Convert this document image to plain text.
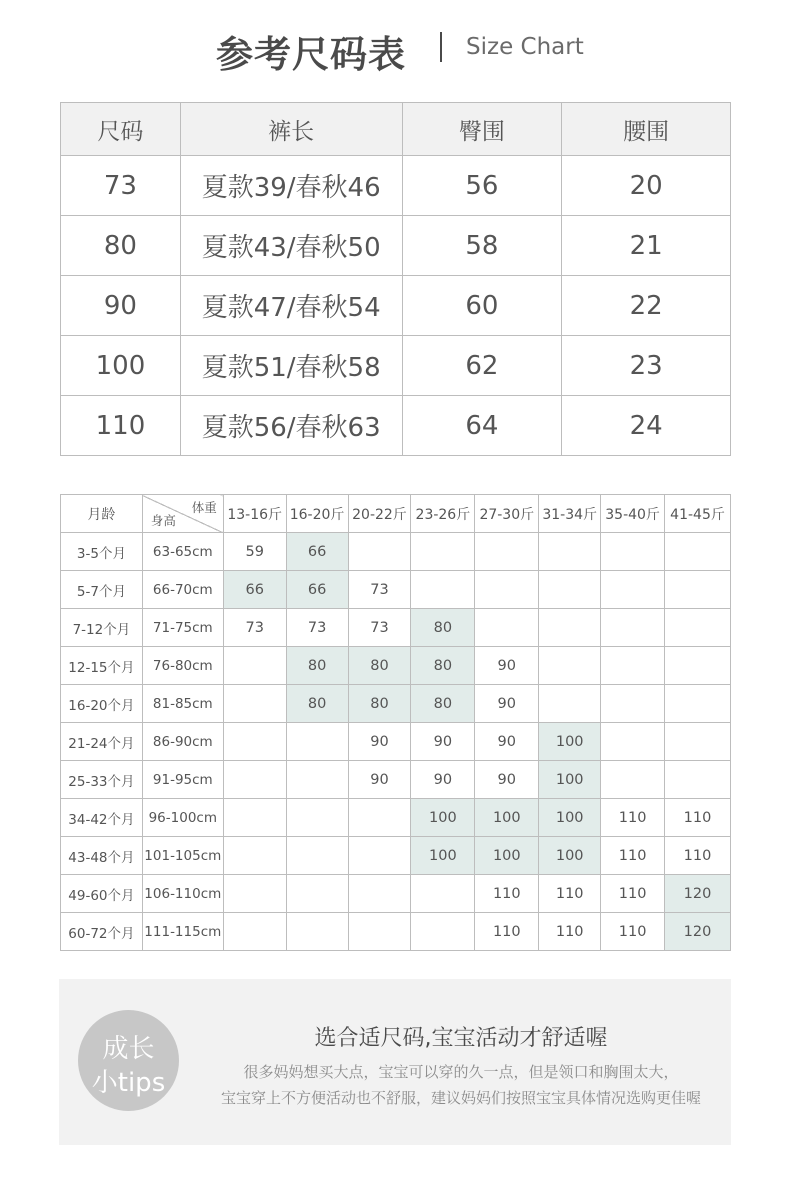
参考尺码表	Size Chart
尺码	裤长	臀围	腰围
73	夏款39/春秋46	56	20
80	夏款43/春秋50	58	21
90	夏款47/春秋54	60	22
100	夏款51/春秋58	62	23
110	夏款56/春秋63	64	24
月龄	体重
身高	13-16斤	16-20斤	20-22斤	23-26斤	27-30斤	31-34斤	35-40斤	41-45斤
3-5个月	63-65cm	59	66						
5-7个月	66-70cm	66	66	73					
7-12个月	71-75cm	73	73	73	80				
12-15个月	76-80cm		80	80	80	90			
16-20个月	81-85cm		80	80	80	90			
21-24个月	86-90cm			90	90	90	100		
25-33个月	91-95cm			90	90	90	100		
34-42个月	96-100cm				100	100	100	110	110
43-48个月	101-105cm				100	100	100	110	110
49-60个月	106-110cm					110	110	110	120
60-72个月	111-115cm					110	110	110	120
成长
小tips
选合适尺码,宝宝活动才舒适喔
很多妈妈想买大点，宝宝可以穿的久一点，但是领口和胸围太大，
宝宝穿上不方便活动也不舒服，建议妈妈们按照宝宝具体情况选购更佳喔
